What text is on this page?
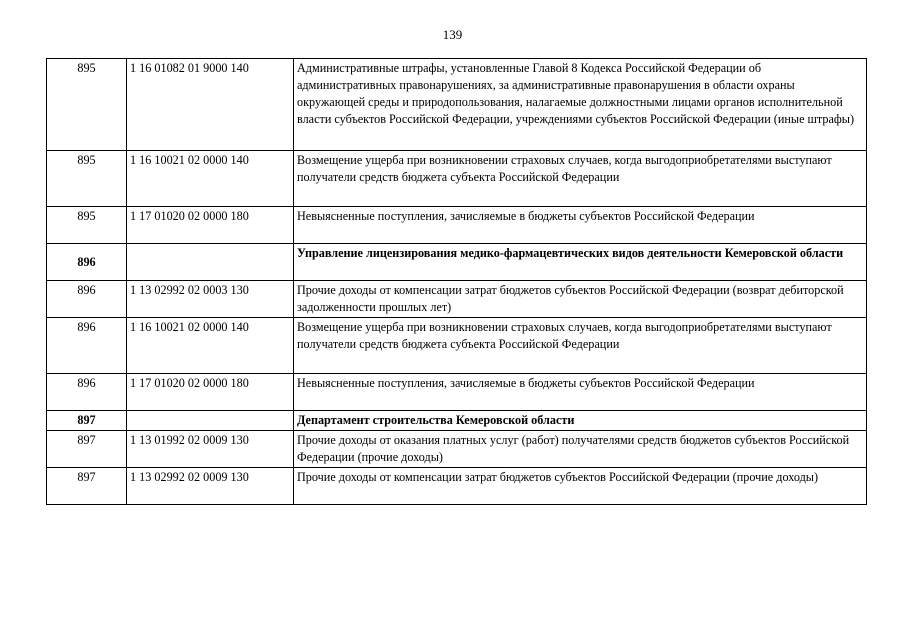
139
895	1 16 01082 01 9000 140	Административные штрафы, установленные Главой 8 Кодекса Российской Федерации об административных правонарушениях, за административные правонарушения в области охраны окружающей среды и природопользования, налагаемые должностными лицами органов исполнительной власти субъектов Российской Федерации, учреждениями субъектов Российской Федерации (иные штрафы)
895	1 16 10021 02 0000 140	Возмещение ущерба при возникновении страховых случаев, когда выгодоприобретателями выступают получатели средств бюджета субъекта Российской Федерации
895	1 17 01020 02 0000 180	Невыясненные поступления, зачисляемые в бюджеты субъектов Российской Федерации
896		Управление лицензирования медико-фармацевтических видов деятельности Кемеровской области
896	1 13 02992 02 0003 130	Прочие доходы от компенсации затрат бюджетов субъектов Российской Федерации (возврат дебиторской задолженности прошлых лет)
896	1 16 10021 02 0000 140	Возмещение ущерба при возникновении страховых случаев, когда выгодоприобретателями выступают получатели средств бюджета субъекта Российской Федерации
896	1 17 01020 02 0000 180	Невыясненные поступления, зачисляемые в бюджеты субъектов Российской Федерации
897		Департамент строительства Кемеровской области
897	1 13 01992 02 0009 130	Прочие доходы от оказания платных услуг (работ) получателями средств бюджетов субъектов Российской Федерации (прочие доходы)
897	1 13 02992 02 0009 130	Прочие доходы от компенсации затрат бюджетов субъектов Российской Федерации (прочие доходы)
